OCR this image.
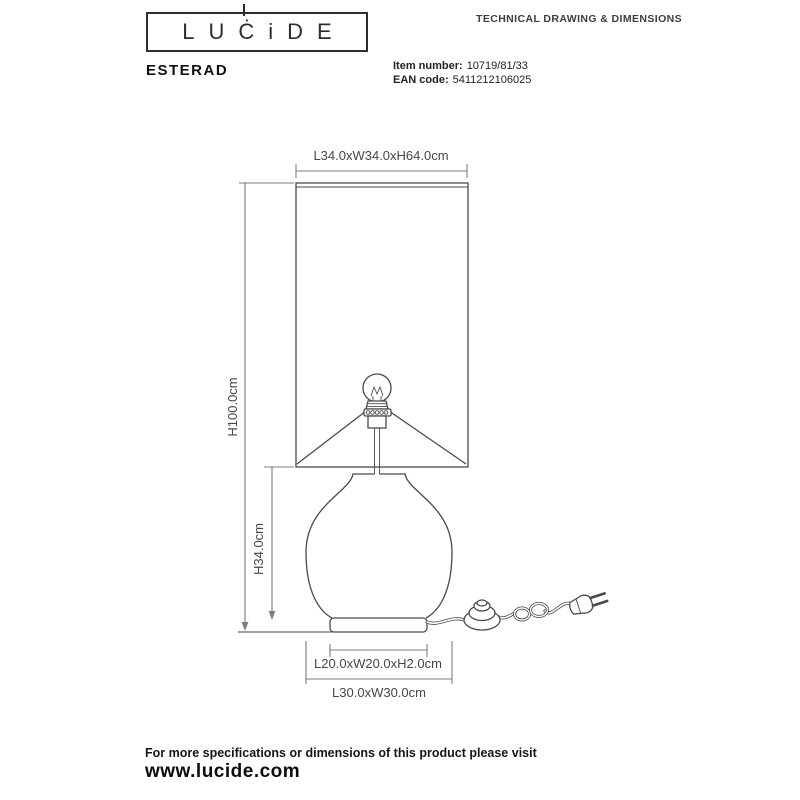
LUĊiDE	TECHNICAL DRAWING & DIMENSIONS
ESTERAD	Item number: 10719/81/33
EAN code: 5411212106025
L34.0xW34.0xH64.0cm
H100.0cm
H34.0cm
L20.0xW20.0xH2.0cm
L30.0xW30.0cm
For more specifications or dimensions of this product please visit
www.lucide.com
